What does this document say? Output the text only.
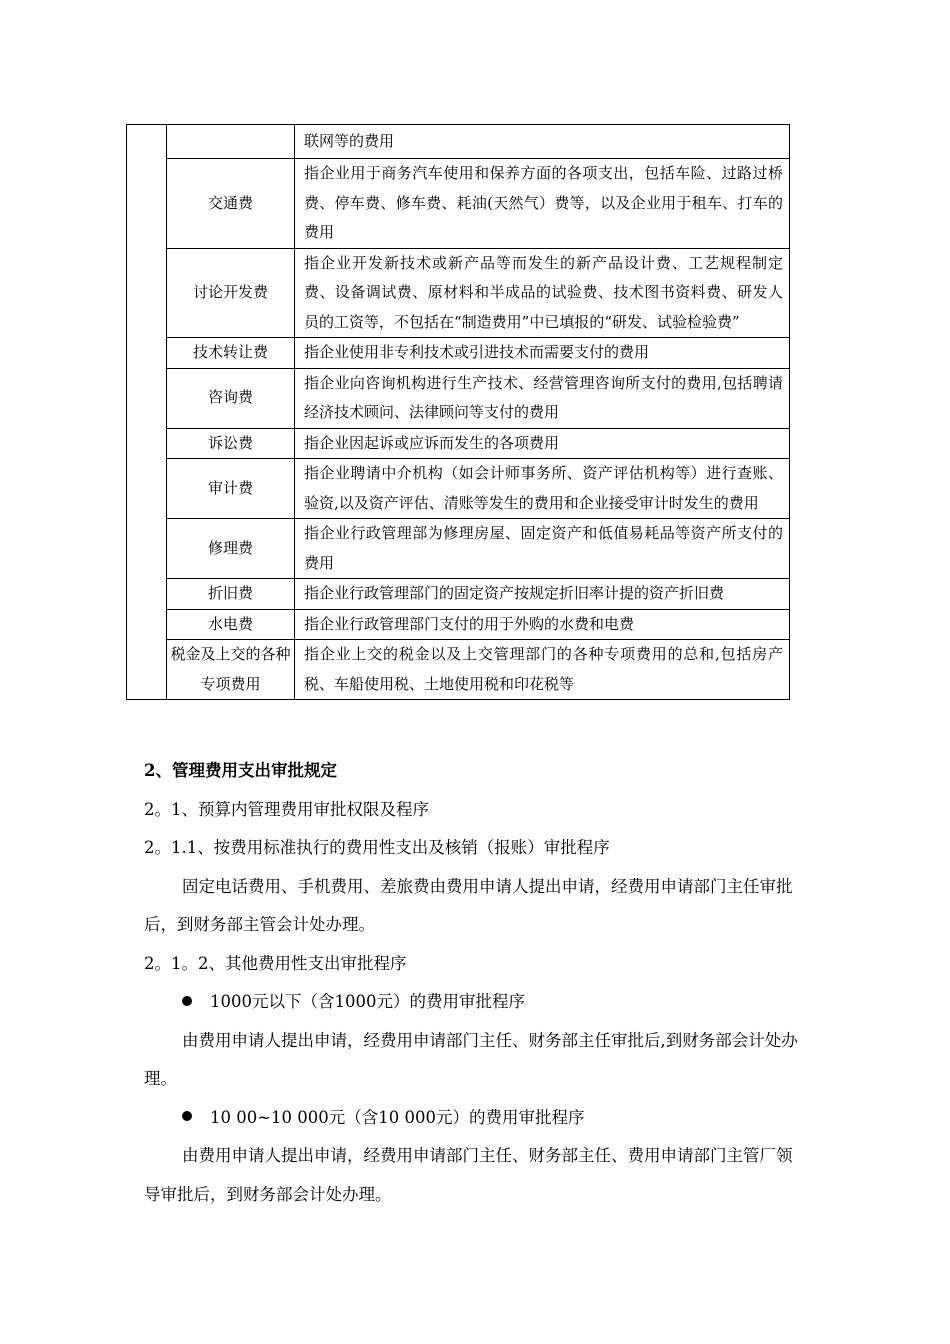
		联网等的费用
	交通费	指企业用于商务汽车使用和保养方面的各项支出，包括车险、过路过桥费、停车费、修车费、耗油(天然气）费等，以及企业用于租车、打车的费用
	讨论开发费	指企业开发新技术或新产品等而发生的新产品设计费、工艺规程制定费、设备调试费、原材料和半成品的试验费、技术图书资料费、研发人员的工资等，不包括在“制造费用”中已填报的“研发、试验检验费”
	技术转让费	指企业使用非专利技术或引进技术而需要支付的费用
	咨询费	指企业向咨询机构进行生产技术、经营管理咨询所支付的费用,包括聘请经济技术顾问、法律顾问等支付的费用
	诉讼费	指企业因起诉或应诉而发生的各项费用
	审计费	指企业聘请中介机构（如会计师事务所、资产评估机构等）进行查账、验资,以及资产评估、清账等发生的费用和企业接受审计时发生的费用
	修理费	指企业行政管理部为修理房屋、固定资产和低值易耗品等资产所支付的费用
	折旧费	指企业行政管理部门的固定资产按规定折旧率计提的资产折旧费
	水电费	指企业行政管理部门支付的用于外购的水费和电费
	税金及上交的各种专项费用	指企业上交的税金以及上交管理部门的各种专项费用的总和,包括房产税、车船使用税、土地使用税和印花税等

2、管理费用支出审批规定

2。1、预算内管理费用审批权限及程序

2。1.1、按费用标准执行的费用性支出及核销（报账）审批程序

固定电话费用、手机费用、差旅费由费用申请人提出申请，经费用申请部门主任审批后，到财务部主管会计处办理。

2。1。2、其他费用性支出审批程序

1000元以下（含1000元）的费用审批程序

由费用申请人提出申请，经费用申请部门主任、财务部主任审批后,到财务部会计处办理。

10 00~10 000元（含10 000元）的费用审批程序

由费用申请人提出申请，经费用申请部门主任、财务部主任、费用申请部门主管厂领导审批后，到财务部会计处办理。
